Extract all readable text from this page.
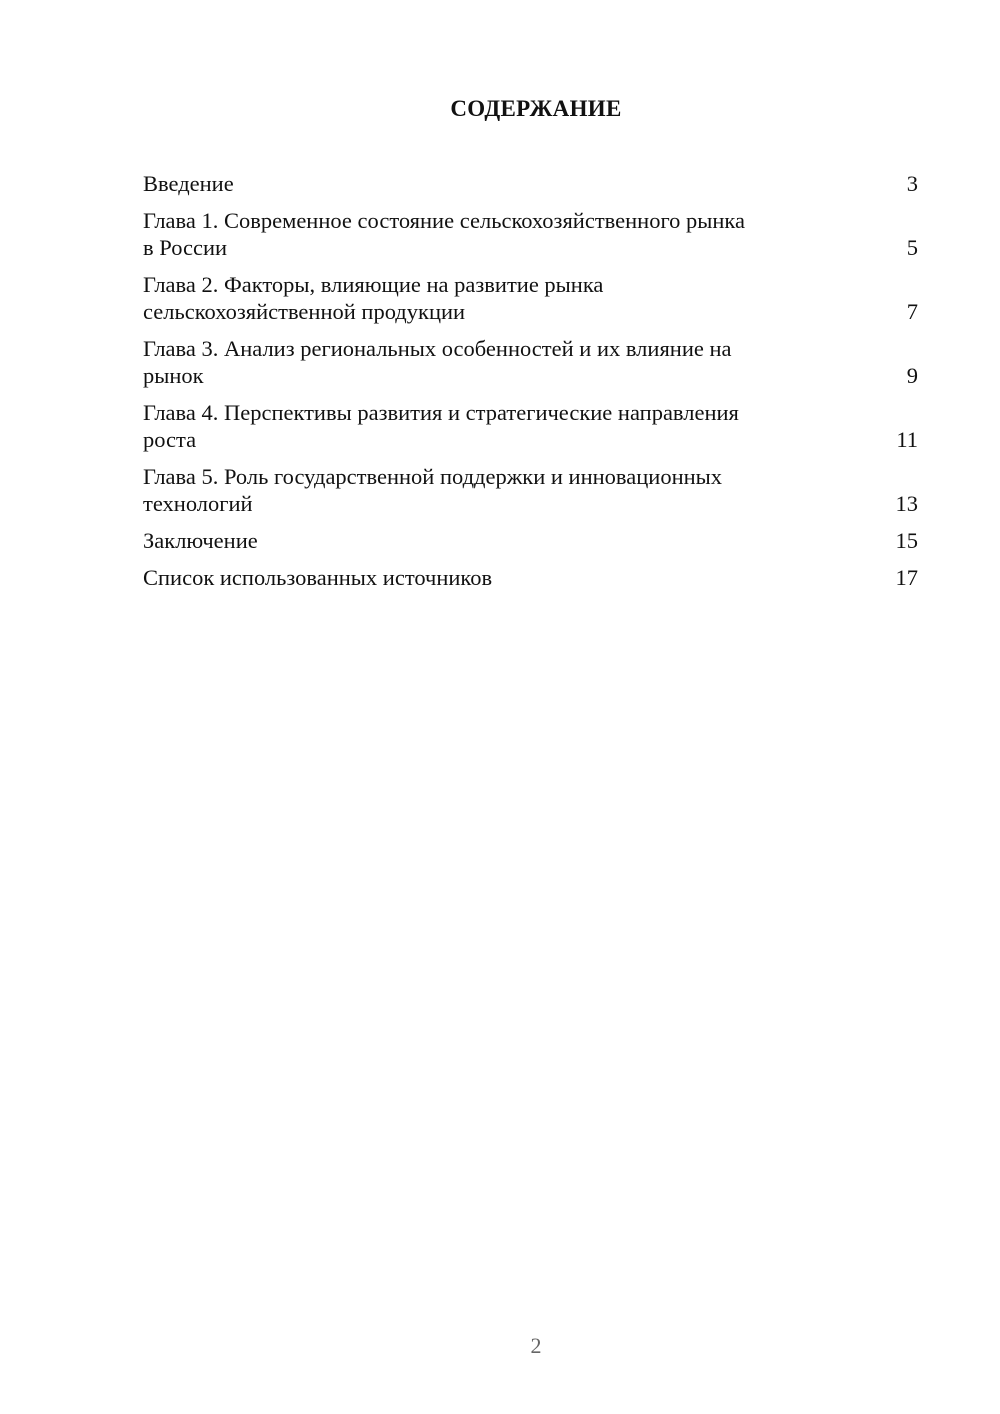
СОДЕРЖАНИЕ
Введение	3
Глава 1. Современное состояние сельскохозяйственного рынка
в России	5
Глава 2. Факторы, влияющие на развитие рынка
сельскохозяйственной продукции	7
Глава 3. Анализ региональных особенностей и их влияние на
рынок	9
Глава 4. Перспективы развития и стратегические направления
роста	11
Глава 5. Роль государственной поддержки и инновационных
технологий	13
Заключение	15
Список использованных источников	17
2
